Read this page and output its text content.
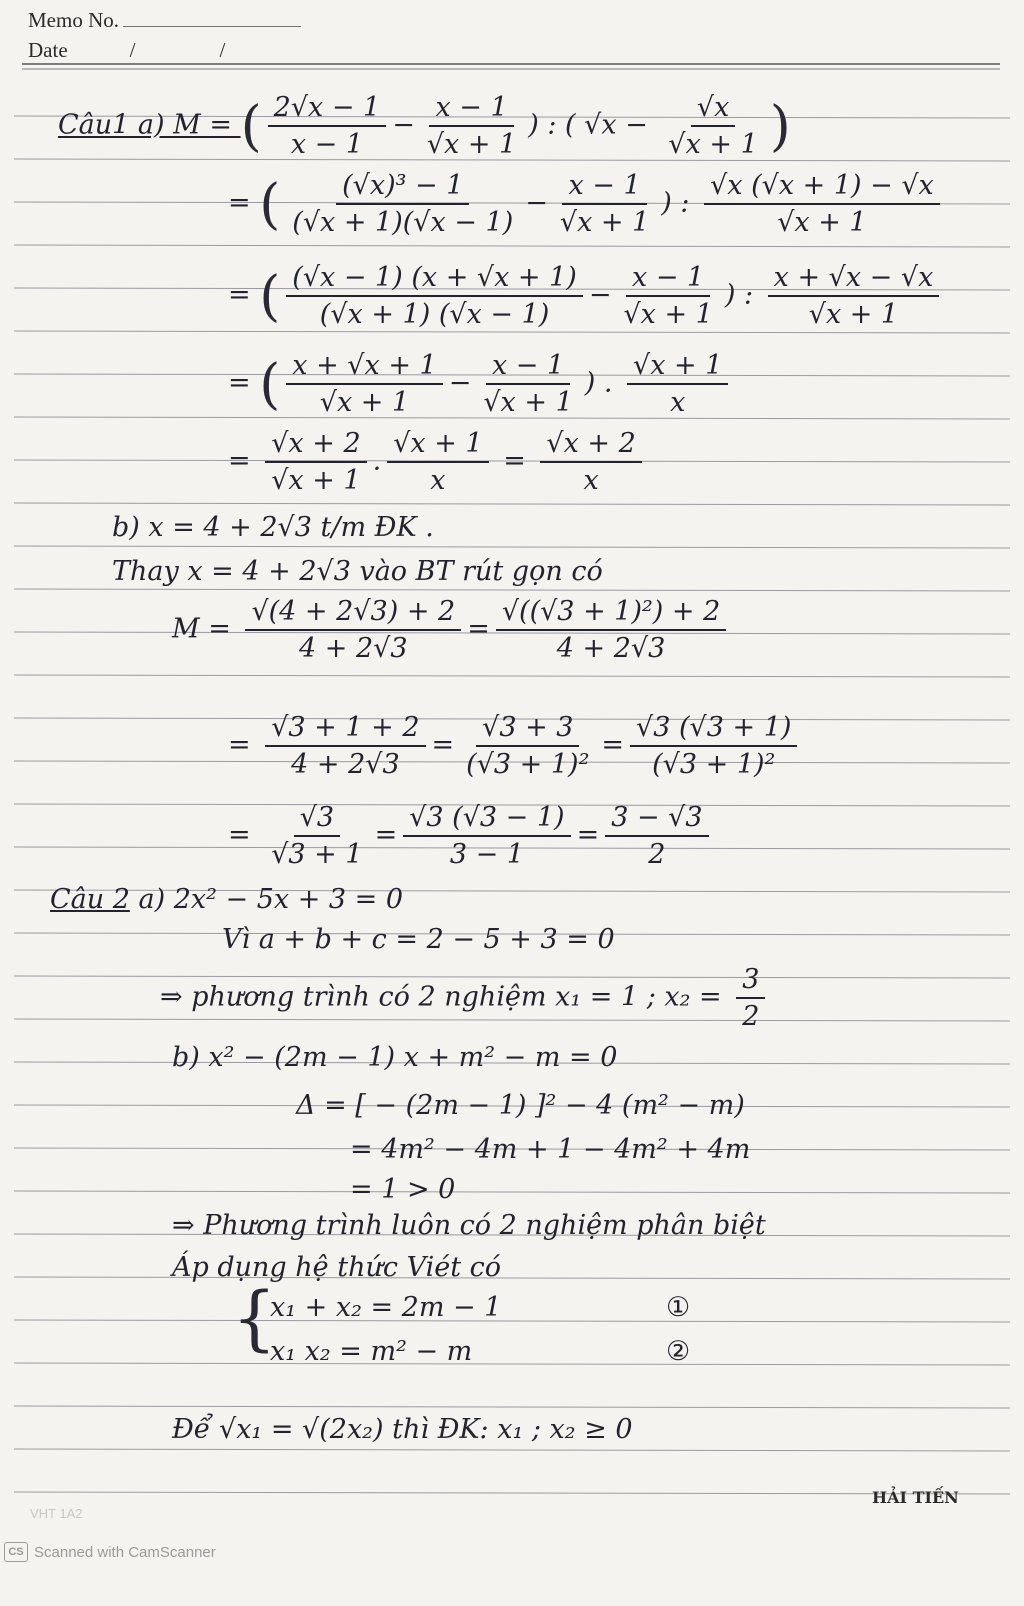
Memo No.
Date	/	/
Câu1 a) M = ( $\frac{2√x - 1}{x - 1} - \frac{x - 1}{√x + 1}$ ) : ( $√x - \frac{√x}{√x + 1}$ )
= ( $\frac{\text{(√x)³ − 1}}{(√x + 1)(√x - 1)} - \frac{x - 1}{√x + 1}$ ) : $\frac{√x (√x + 1) - √x}{√x + 1}$
= ( $\frac{(√x - 1) (x + √x + 1)}{(√x + 1) (√x - 1)} - \frac{x - 1}{√x + 1}$ ) : $\frac{x + √x - √x}{√x + 1}$
= ( $\frac{x + √x + 1}{√x + 1} - \frac{x - 1}{√x + 1}$ ) . $\frac{√x + 1}{x}$
= $\frac{√x + 2}{√x + 1}$ . $\frac{√x + 1}{x} = \frac{√x + 2}{x}$
b) x = 4 + 2√3 t/m ĐK .
Thay x = 4 + 2√3 vào BT rút gọn có
$M = \frac{√(4 + 2√3) + 2}{4 + 2√3} = \frac{\text{√((√3 + 1)²) + 2}}{4 + 2√3}$
= $\frac{√3 + 1 + 2}{4 + 2√3} = \frac{√3 + 3}{\text{(√3 + 1)²}} = \frac{√3 (√3 + 1)}{\text{(√3 + 1)²}}$
= $\frac{√3}{√3 + 1} = \frac{√3 (√3 - 1)}{3 - 1} = \frac{3 - √3}{2}$
Câu 2 a) 2x² − 5x + 3 = 0
Vì a + b + c = 2 − 5 + 3 = 0
⇒ phương trình có 2 nghiệm x₁ = 1 ; $x_2 = \frac{3}{2}$
b) x² − (2m − 1) x + m² − m = 0
Δ = [ − (2m − 1) ]² − 4 (m² − m)
= 4m² − 4m + 1 − 4m² + 4m
= 1 > 0
⇒ Phương trình luôn có 2 nghiệm phân biệt
Áp dụng hệ thức Viét có
{
x₁ + x₂ = 2m − 1	①
x₁ x₂ = m² − m	②
Để √x₁ = √(2x₂) thì ĐK: x₁ ; x₂ ≥ 0
HẢI TIẾN
VHT 1A2
CS Scanned with CamScanner
